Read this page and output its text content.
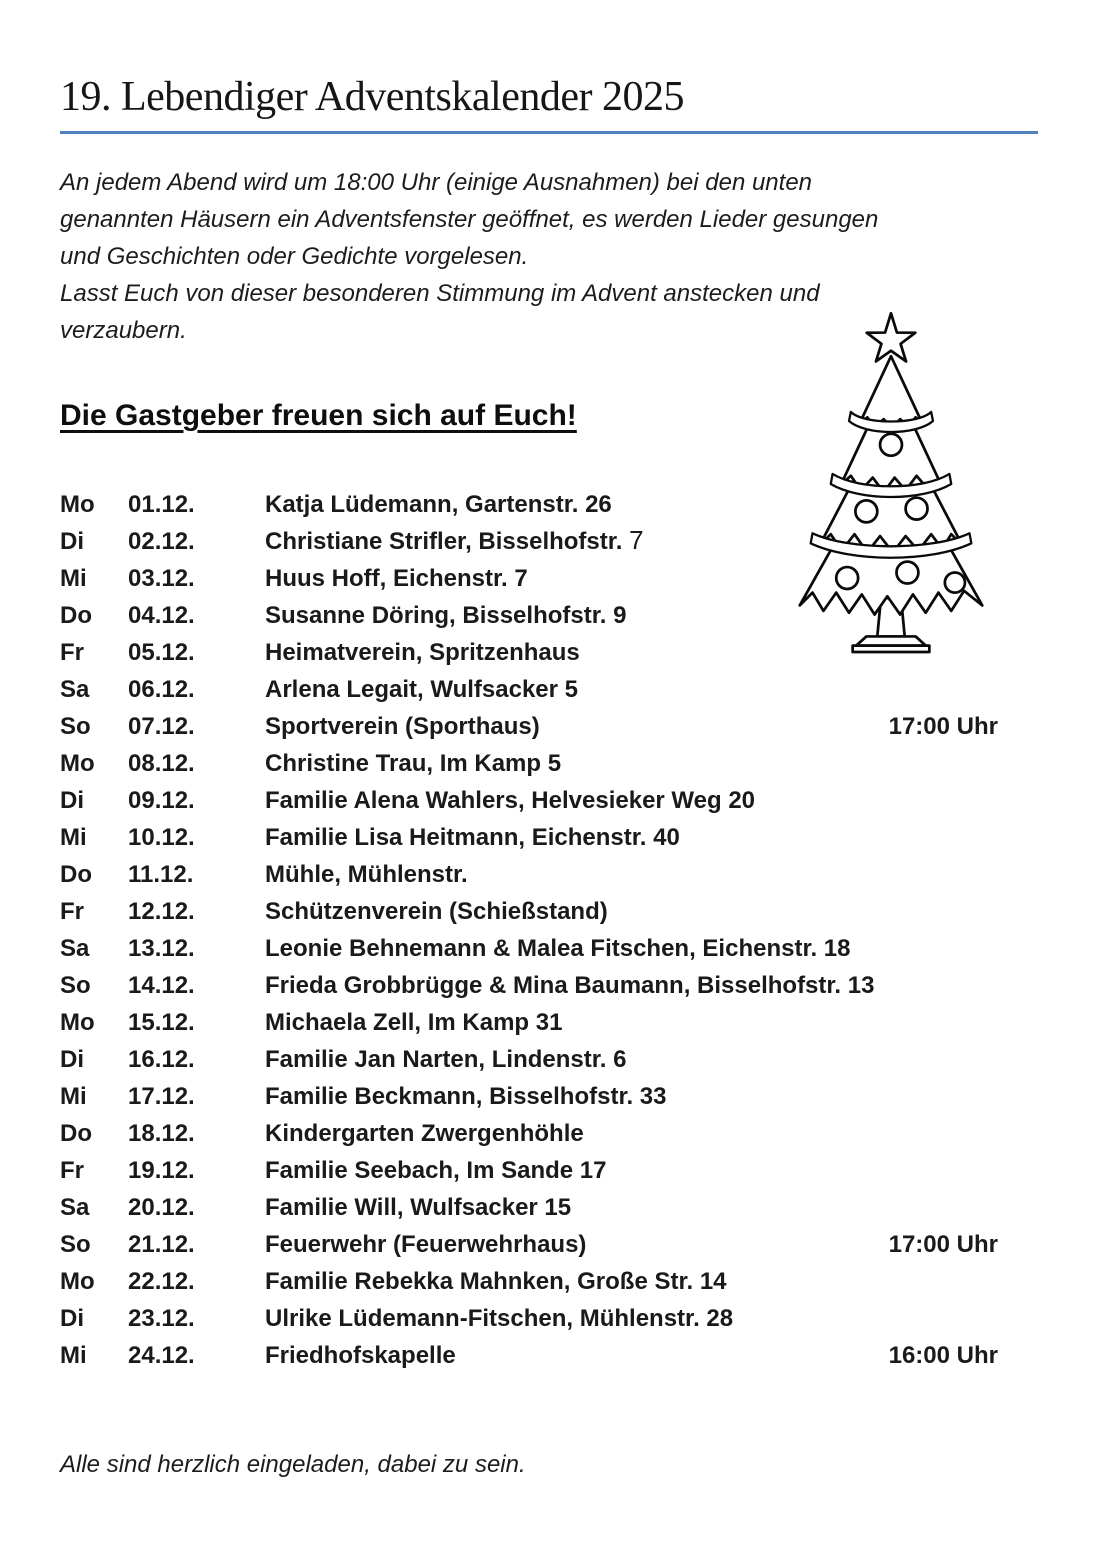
19. Lebendiger Adventskalender 2025
An jedem Abend wird um 18:00 Uhr (einige Ausnahmen) bei den unten
genannten Häusern ein Adventsfenster geöffnet, es werden Lieder gesungen
und Geschichten oder Gedichte vorgelesen.
Lasst Euch von dieser besonderen Stimmung im Advent anstecken und
verzaubern.
Die Gastgeber freuen sich auf Euch!
Mo	01.12.	Katja Lüdemann, Gartenstr. 26
Di	02.12.	Christiane Strifler, Bisselhofstr. 7
Mi	03.12.	Huus Hoff, Eichenstr. 7
Do	04.12.	Susanne Döring, Bisselhofstr. 9
Fr	05.12.	Heimatverein, Spritzenhaus
Sa	06.12.	Arlena Legait, Wulfsacker 5
So	07.12.	Sportverein (Sporthaus)	17:00 Uhr
Mo	08.12.	Christine Trau, Im Kamp 5
Di	09.12.	Familie Alena Wahlers, Helvesieker Weg 20
Mi	10.12.	Familie Lisa Heitmann, Eichenstr. 40
Do	11.12.	Mühle, Mühlenstr.
Fr	12.12.	Schützenverein (Schießstand)
Sa	13.12.	Leonie Behnemann & Malea Fitschen, Eichenstr. 18
So	14.12.	Frieda Grobbrügge & Mina Baumann, Bisselhofstr. 13
Mo	15.12.	Michaela Zell, Im Kamp 31
Di	16.12.	Familie Jan Narten, Lindenstr. 6
Mi	17.12.	Familie Beckmann, Bisselhofstr. 33
Do	18.12.	Kindergarten Zwergenhöhle
Fr	19.12.	Familie Seebach, Im Sande 17
Sa	20.12.	Familie Will, Wulfsacker 15
So	21.12.	Feuerwehr (Feuerwehrhaus)	17:00 Uhr
Mo	22.12.	Familie Rebekka Mahnken, Große Str. 14
Di	23.12.	Ulrike Lüdemann-Fitschen, Mühlenstr. 28
Mi	24.12.	Friedhofskapelle	16:00 Uhr
Alle sind herzlich eingeladen, dabei zu sein.
